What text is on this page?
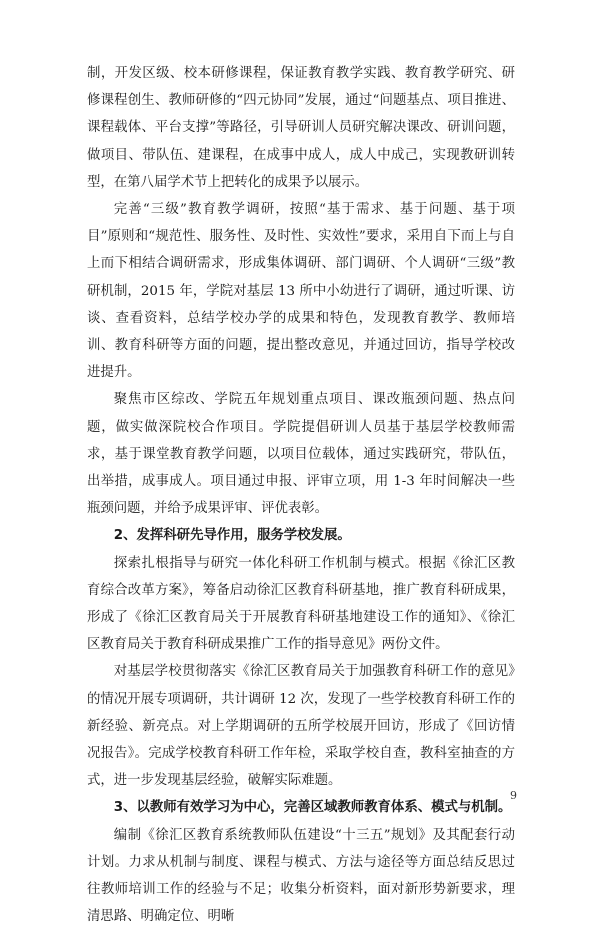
制，开发区级、校本研修课程，保证教育教学实践、教育教学研究、研修课程创生、教师研修的“四元协同”发展，通过“问题基点、项目推进、课程载体、平台支撑”等路径，引导研训人员研究解决课改、研训问题，做项目、带队伍、建课程，在成事中成人，成人中成己，实现教研训转型，在第八届学术节上把转化的成果予以展示。

完善“三级”教育教学调研，按照“基于需求、基于问题、基于项目”原则和“规范性、服务性、及时性、实效性”要求，采用自下而上与自上而下相结合调研需求，形成集体调研、部门调研、个人调研“三级”教研机制，2015 年，学院对基层 13 所中小幼进行了调研，通过听课、访谈、查看资料，总结学校办学的成果和特色，发现教育教学、教师培训、教育科研等方面的问题，提出整改意见，并通过回访，指导学校改进提升。

聚焦市区综改、学院五年规划重点项目、课改瓶颈问题、热点问题，做实做深院校合作项目。学院提倡研训人员基于基层学校教师需求，基于课堂教育教学问题，以项目位载体，通过实践研究，带队伍，出举措，成事成人。项目通过申报、评审立项，用 1-3 年时间解决一些瓶颈问题，并给予成果评审、评优表彰。

2、发挥科研先导作用，服务学校发展。

探索扎根指导与研究一体化科研工作机制与模式。根据《徐汇区教育综合改革方案》，筹备启动徐汇区教育科研基地，推广教育科研成果，形成了《徐汇区教育局关于开展教育科研基地建设工作的通知》、《徐汇区教育局关于教育科研成果推广工作的指导意见》两份文件。

对基层学校贯彻落实《徐汇区教育局关于加强教育科研工作的意见》的情况开展专项调研，共计调研 12 次，发现了一些学校教育科研工作的新经验、新亮点。对上学期调研的五所学校展开回访，形成了《回访情况报告》。完成学校教育科研工作年检，采取学校自查，教科室抽查的方式，进一步发现基层经验，破解实际难题。

3、以教师有效学习为中心，完善区域教师教育体系、模式与机制。

编制《徐汇区教育系统教师队伍建设“十三五”规划》及其配套行动计划。力求从机制与制度、课程与模式、方法与途径等方面总结反思过往教师培训工作的经验与不足；收集分析资料，面对新形势新要求，理清思路、明确定位、明晰

9
